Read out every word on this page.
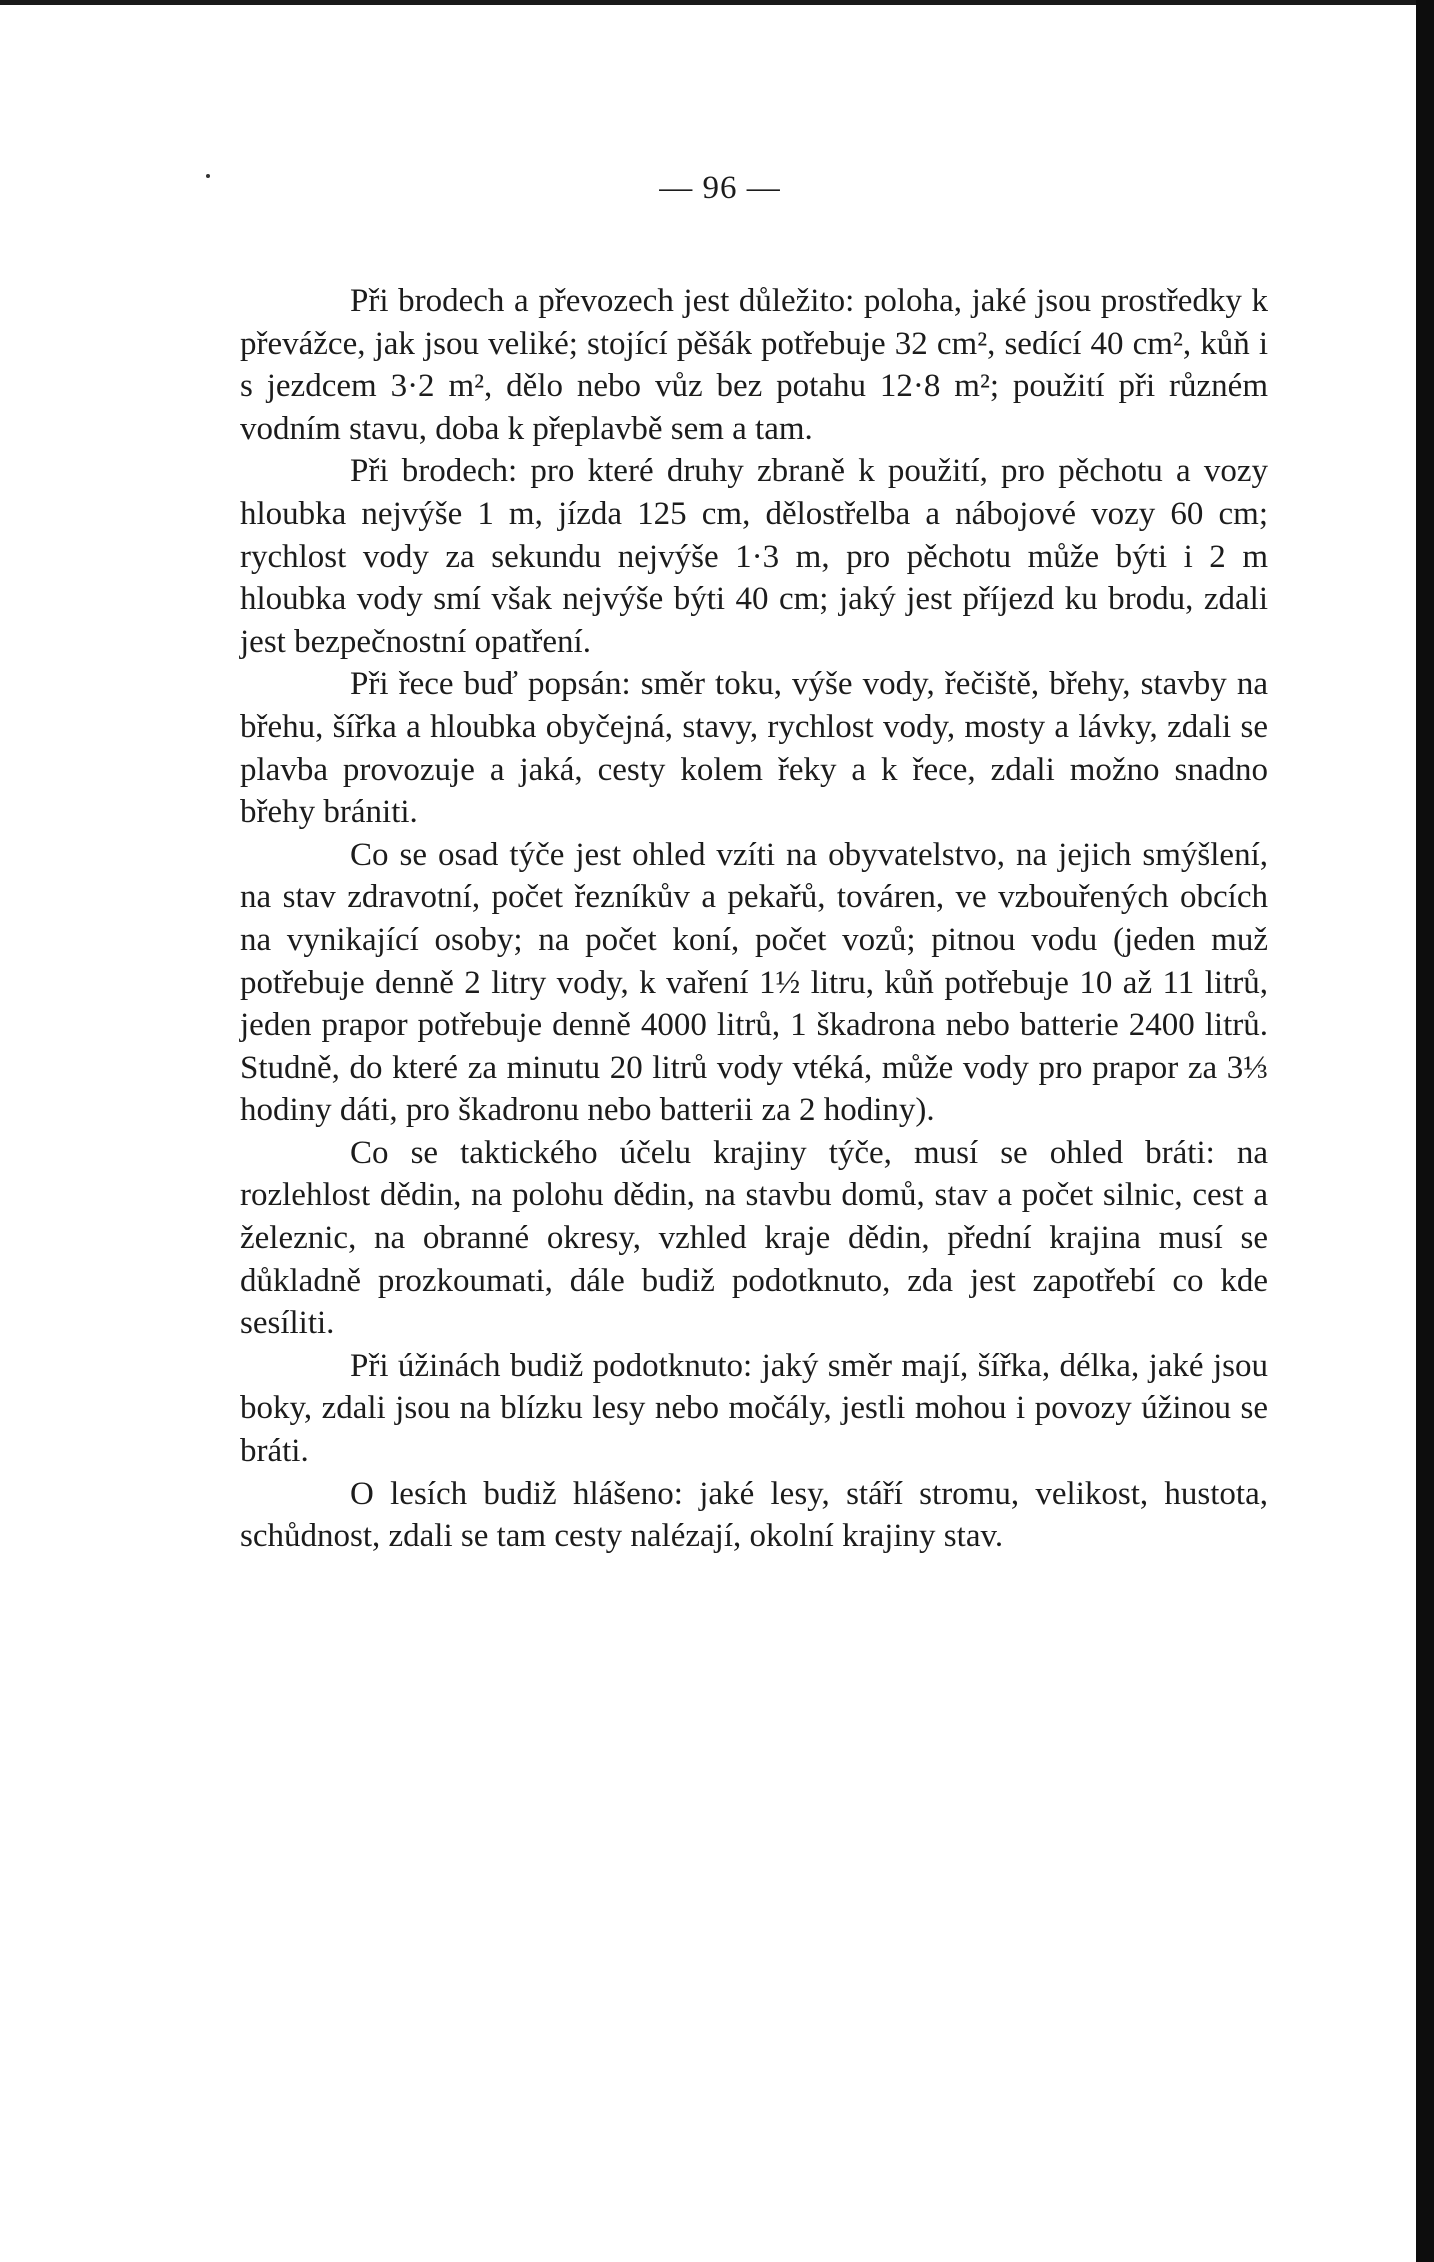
— 96 —

Při brodech a převozech jest důležito: poloha, jaké jsou prostředky k převážce, jak jsou veliké; stojící pěšák potřebuje 32 cm², sedící 40 cm², kůň i s jezdcem 3·2 m², dělo nebo vůz bez potahu 12·8 m²; použití při různém vodním stavu, doba k přeplavbě sem a tam.

Při brodech: pro které druhy zbraně k použití, pro pěchotu a vozy hloubka nejvýše 1 m, jízda 125 cm, dělostřelba a nábojové vozy 60 cm; rychlost vody za sekundu nejvýše 1·3 m, pro pěchotu může býti i 2 m hloubka vody smí však nejvýše býti 40 cm; jaký jest příjezd ku brodu, zdali jest bezpečnostní opatření.

Při řece buď popsán: směr toku, výše vody, řečiště, břehy, stavby na břehu, šířka a hloubka obyčejná, stavy, rychlost vody, mosty a lávky, zdali se plavba provozuje a jaká, cesty kolem řeky a k řece, zdali možno snadno břehy brániti.

Co se osad týče jest ohled vzíti na obyvatelstvo, na jejich smýšlení, na stav zdravotní, počet řezníkův a pekařů, továren, ve vzbouřených obcích na vynikající osoby; na počet koní, počet vozů; pitnou vodu (jeden muž potřebuje denně 2 litry vody, k vaření 1½ litru, kůň potřebuje 10 až 11 litrů, jeden prapor potřebuje denně 4000 litrů, 1 škadrona nebo batterie 2400 litrů. Studně, do které za minutu 20 litrů vody vtéká, může vody pro prapor za 3⅓ hodiny dáti, pro škadronu nebo batterii za 2 hodiny).

Co se taktického účelu krajiny týče, musí se ohled bráti: na rozlehlost dědin, na polohu dědin, na stavbu domů, stav a počet silnic, cest a železnic, na obranné okresy, vzhled kraje dědin, přední krajina musí se důkladně prozkoumati, dále budiž podotknuto, zda jest zapotřebí co kde sesíliti.

Při úžinách budiž podotknuto: jaký směr mají, šířka, délka, jaké jsou boky, zdali jsou na blízku lesy nebo močály, jestli mohou i povozy úžinou se bráti.

O lesích budiž hlášeno: jaké lesy, stáří stromu, velikost, hustota, schůdnost, zdali se tam cesty nalézají, okolní krajiny stav.
